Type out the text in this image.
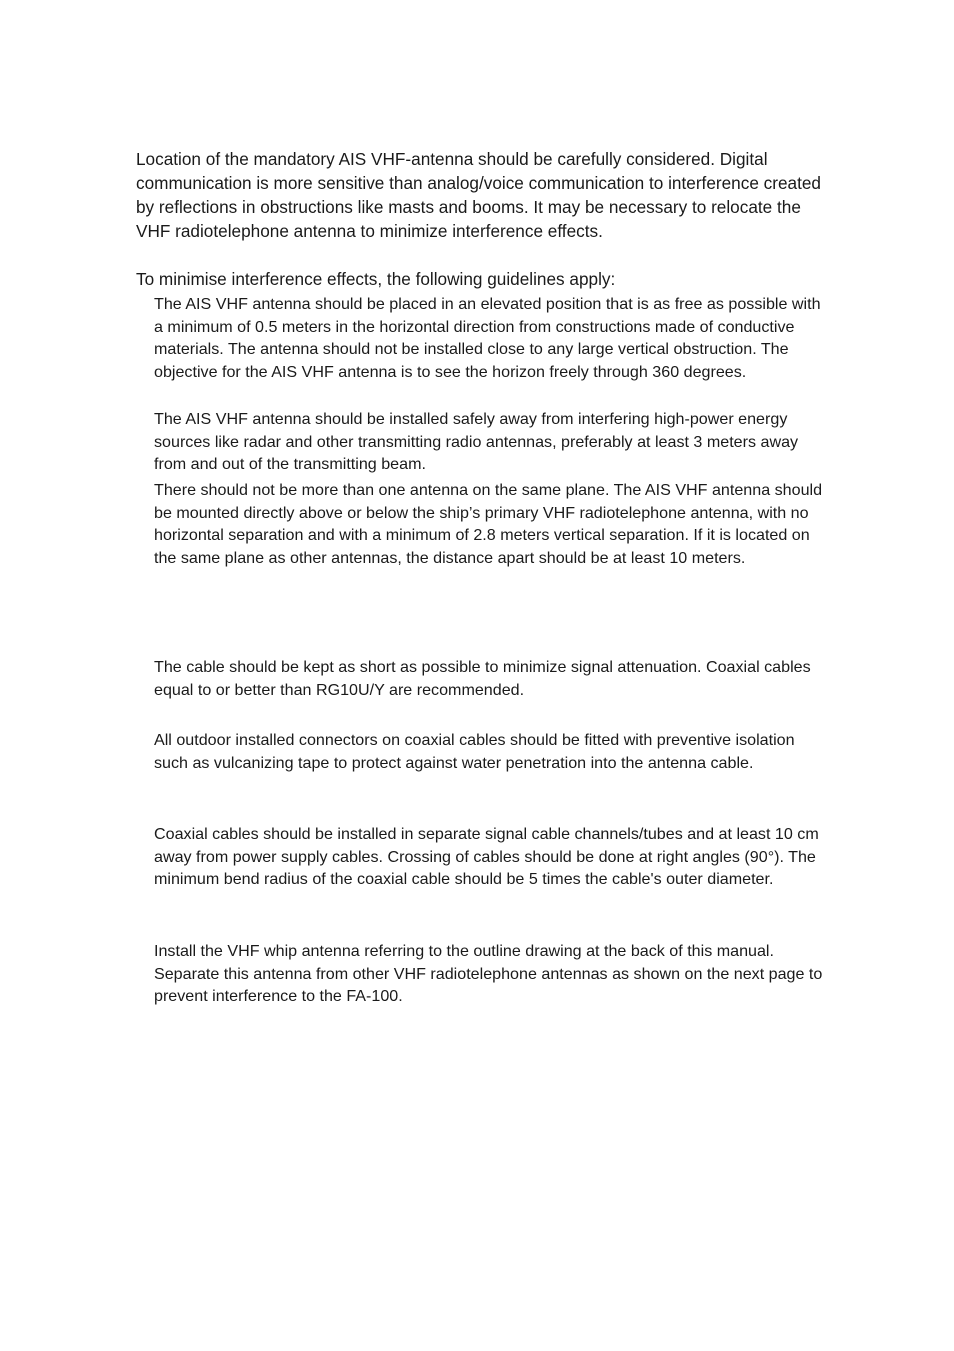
Location of the mandatory AIS VHF-antenna should be carefully considered. Digital communication is more sensitive than analog/voice communication to interference created by reflections in obstructions like masts and booms. It may be necessary to relocate the VHF radiotelephone antenna to minimize interference effects.

To minimise interference effects, the following guidelines apply:

The AIS VHF antenna should be placed in an elevated position that is as free as possible with a minimum of 0.5 meters in the horizontal direction from constructions made of conductive materials. The antenna should not be installed close to any large vertical obstruction. The objective for the AIS VHF antenna is to see the horizon freely through 360 degrees.

The AIS VHF antenna should be installed safely away from interfering high-power energy sources like radar and other transmitting radio antennas, preferably at least 3 meters away from and out of the transmitting beam.

There should not be more than one antenna on the same plane. The AIS VHF antenna should be mounted directly above or below the ship’s primary VHF radiotelephone antenna, with no horizontal separation and with a minimum of 2.8 meters vertical separation. If it is located on the same plane as other antennas, the distance apart should be at least 10 meters.

The cable should be kept as short as possible to minimize signal attenuation. Coaxial cables equal to or better than RG10U/Y are recommended.

All outdoor installed connectors on coaxial cables should be fitted with preventive isolation such as vulcanizing tape to protect against water penetration into the antenna cable.

Coaxial cables should be installed in separate signal cable channels/tubes and at least 10 cm away from power supply cables. Crossing of cables should be done at right angles (90°). The minimum bend radius of the coaxial cable should be 5 times the cable's outer diameter.

Install the VHF whip antenna referring to the outline drawing at the back of this manual. Separate this antenna from other VHF radiotelephone antennas as shown on the next page to prevent interference to the FA-100.
